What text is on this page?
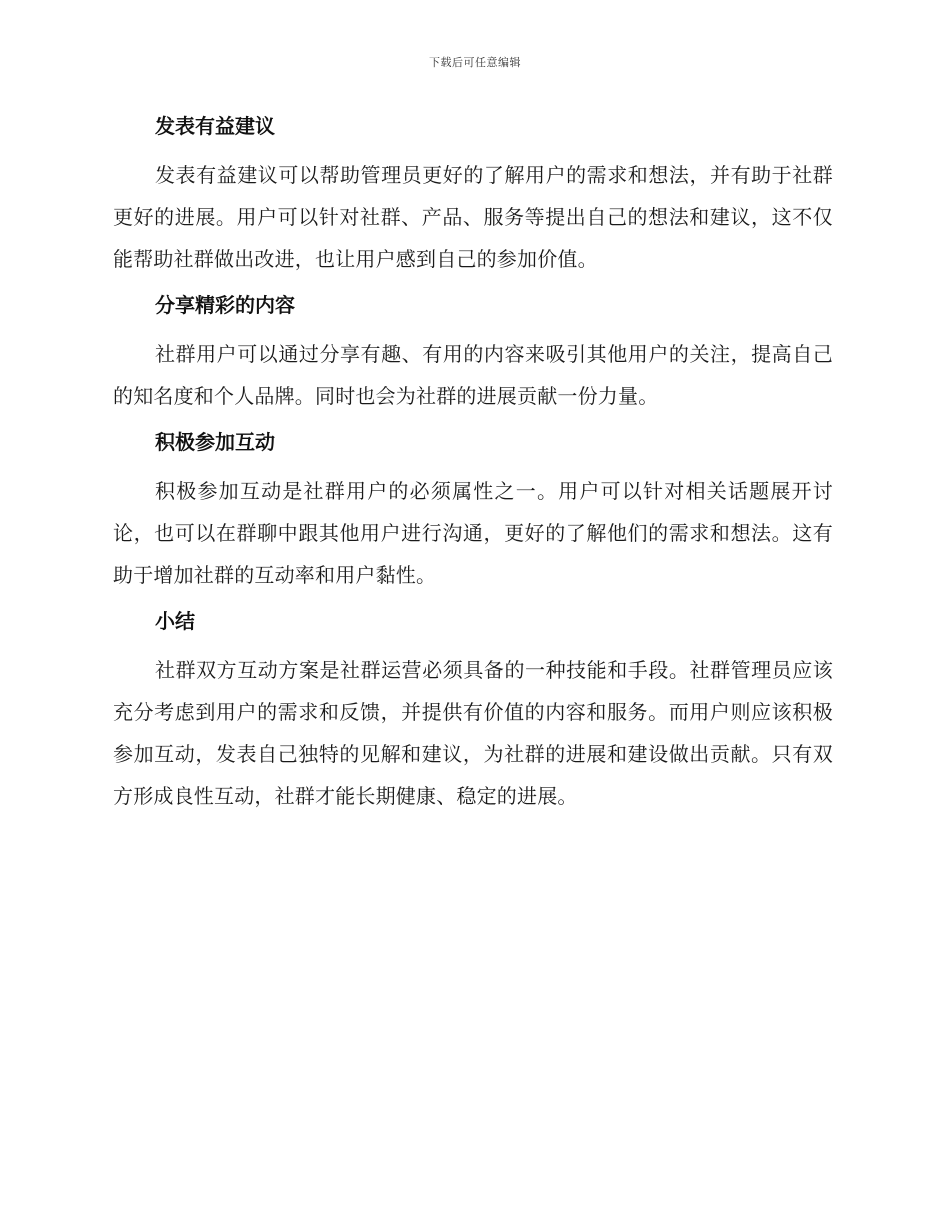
下载后可任意编辑
发表有益建议

发表有益建议可以帮助管理员更好的了解用户的需求和想法，并有助于社群更好的进展。用户可以针对社群、产品、服务等提出自己的想法和建议，这不仅能帮助社群做出改进，也让用户感到自己的参加价值。

分享精彩的内容

社群用户可以通过分享有趣、有用的内容来吸引其他用户的关注，提高自己的知名度和个人品牌。同时也会为社群的进展贡献一份力量。

积极参加互动

积极参加互动是社群用户的必须属性之一。用户可以针对相关话题展开讨论，也可以在群聊中跟其他用户进行沟通，更好的了解他们的需求和想法。这有助于增加社群的互动率和用户黏性。

小结

社群双方互动方案是社群运营必须具备的一种技能和手段。社群管理员应该充分考虑到用户的需求和反馈，并提供有价值的内容和服务。而用户则应该积极参加互动，发表自己独特的见解和建议，为社群的进展和建设做出贡献。只有双方形成良性互动，社群才能长期健康、稳定的进展。
